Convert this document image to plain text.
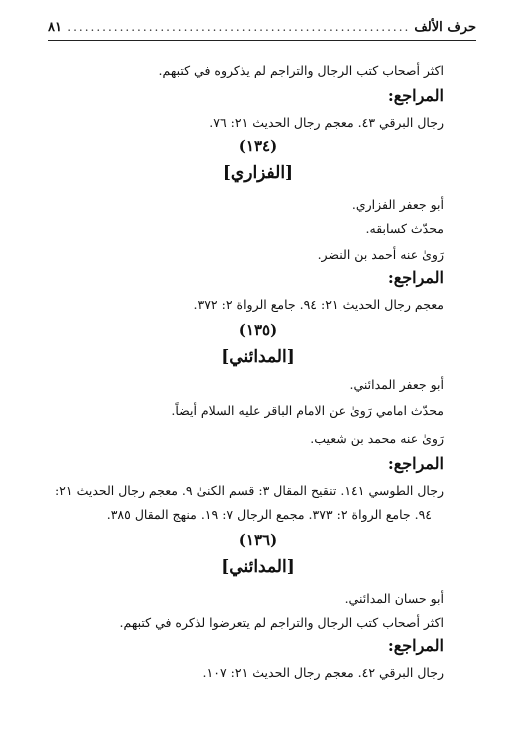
حرف الألف
.....
٨١
اكثر أصحاب كتب الرجال والتراجم لم يذكروه في كتبهم.
المراجع:
رجال البرقي ٤٣. معجم رجال الحديث ٢١: ٧٦.
(١٣٤)
[الفزاري]
أبو جعفر الفزاري.
محدّث كسابقه.
رَوىٰ عنه أحمد بن النضر.
المراجع:
معجم رجال الحديث ٢١: ٩٤. جامع الرواة ٢: ٣٧٢.
(١٣٥)
[المدائني]
أبو جعفر المدائني.
محدّث امامي رَوىٰ عن الامام الباقر عليه السلام أيضاً.
رَوىٰ عنه محمد بن شعيب.
المراجع:
رجال الطوسي ١٤١. تنقيح المقال ٣: قسم الكنىٰ ٩. معجم رجال الحديث ٢١:
٩٤. جامع الرواة ٢: ٣٧٣. مجمع الرجال ٧: ١٩. منهج المقال ٣٨٥.
(١٣٦)
[المدائني]
أبو حسان المدائني.
اكثر أصحاب كتب الرجال والتراجم لم يتعرضوا لذكره في كتبهم.
المراجع:
رجال البرقي ٤٢. معجم رجال الحديث ٢١: ١٠٧.
